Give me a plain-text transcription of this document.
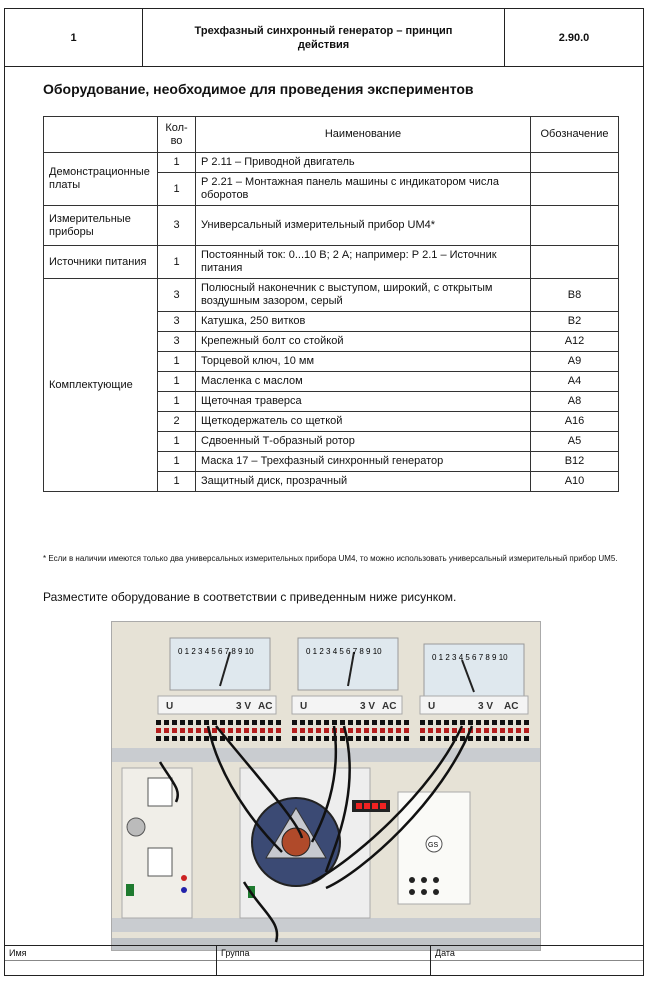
1
Трехфазный синхронный генератор – принцип действия
2.90.0
Оборудование, необходимое для проведения экспериментов
	Кол-во	Наименование	Обозначение
Демонстрационные платы	1	Р 2.11 – Приводной двигатель	
	1	Р 2.21 – Монтажная панель машины с индикатором числа оборотов	
Измерительные приборы	3	Универсальный измерительный прибор UM4*	
Источники питания	1	Постоянный ток: 0...10 В; 2 А; например: Р 2.1 – Источник питания	
Комплектующие	3	Полюсный наконечник с выступом, широкий, с открытым воздушным зазором, серый	В8
	3	Катушка, 250 витков	В2
	3	Крепежный болт со стойкой	А12
	1	Торцевой ключ, 10 мм	А9
	1	Масленка с маслом	А4
	1	Щеточная траверса	А8
	2	Щеткодержатель со щеткой	А16
	1	Сдвоенный Т-образный ротор	А5
	1	Маска 17 – Трехфазный синхронный генератор	В12
	1	Защитный диск, прозрачный	А10
* Если в наличии имеются только два универсальных измерительных прибора UM4, то можно использовать универсальный измерительный прибор UM5.
Разместите оборудование в соответствии с приведенным ниже рисунком.
0 1 2 3 4 5 6 7 8 9 10	0 1 2 3 4 5 6 7 8 9 10
0 1 2 3 4 5 6 7 8 9 10
U	3 V AC	U	3 V AC	U	3 V AC
GS
Имя	Группа	Дата
